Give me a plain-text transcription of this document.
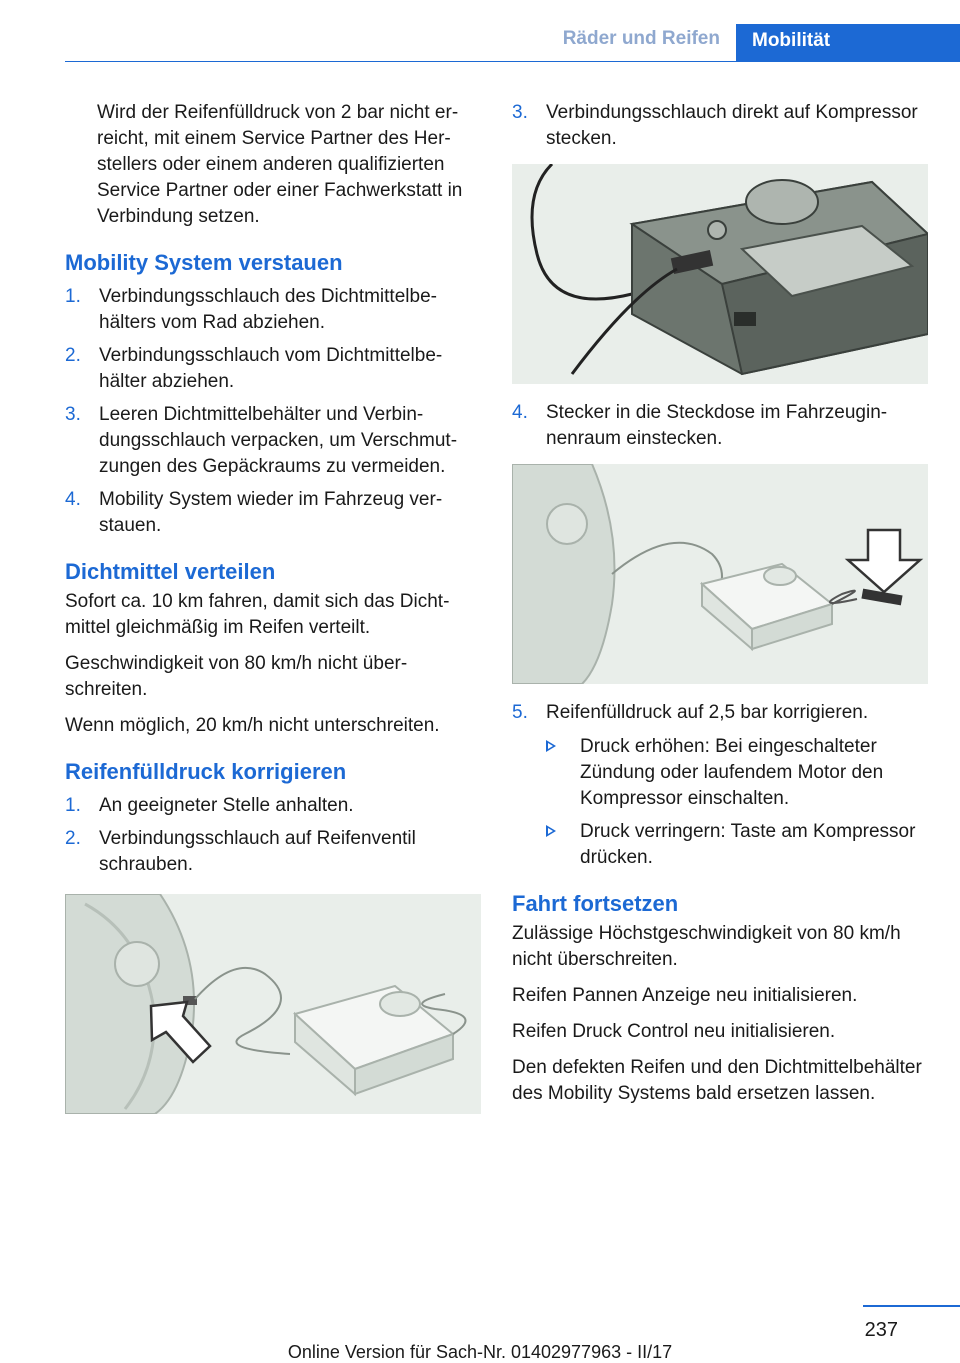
Räder und Reifen	Mobilität

Wird der Reifenfülldruck von 2 bar nicht erreicht, mit einem Service Partner des Herstellers oder einem anderen qualifizierten Service Partner oder einer Fachwerkstatt in Verbindung setzen.

Mobility System verstauen
1. Verbindungsschlauch des Dichtmittelbehälters vom Rad abziehen.
2. Verbindungsschlauch vom Dichtmittelbehälter abziehen.
3. Leeren Dichtmittelbehälter und Verbindungsschlauch verpacken, um Verschmutzungen des Gepäckraums zu vermeiden.
4. Mobility System wieder im Fahrzeug verstauen.
Dichtmittel verteilen

Sofort ca. 10 km fahren, damit sich das Dichtmittel gleichmäßig im Reifen verteilt.

Geschwindigkeit von 80 km/h nicht überschreiten.

Wenn möglich, 20 km/h nicht unterschreiten.

Reifenfülldruck korrigieren
1. An geeigneter Stelle anhalten.
2. Verbindungsschlauch auf Reifenventil schrauben.
3. Verbindungsschlauch direkt auf Kompressor stecken.
4. Stecker in die Steckdose im Fahrzeuginnenraum einstecken.
5. Reifenfülldruck auf 2,5 bar korrigieren.
Druck erhöhen: Bei eingeschalteter Zündung oder laufendem Motor den Kompressor einschalten.
Druck verringern: Taste am Kompressor drücken.
Fahrt fortsetzen

Zulässige Höchstgeschwindigkeit von 80 km/h nicht überschreiten.

Reifen Pannen Anzeige neu initialisieren.

Reifen Druck Control neu initialisieren.

Den defekten Reifen und den Dichtmittelbehälter des Mobility Systems bald ersetzen lassen.

237
Online Version für Sach-Nr. 01402977963 - II/17
